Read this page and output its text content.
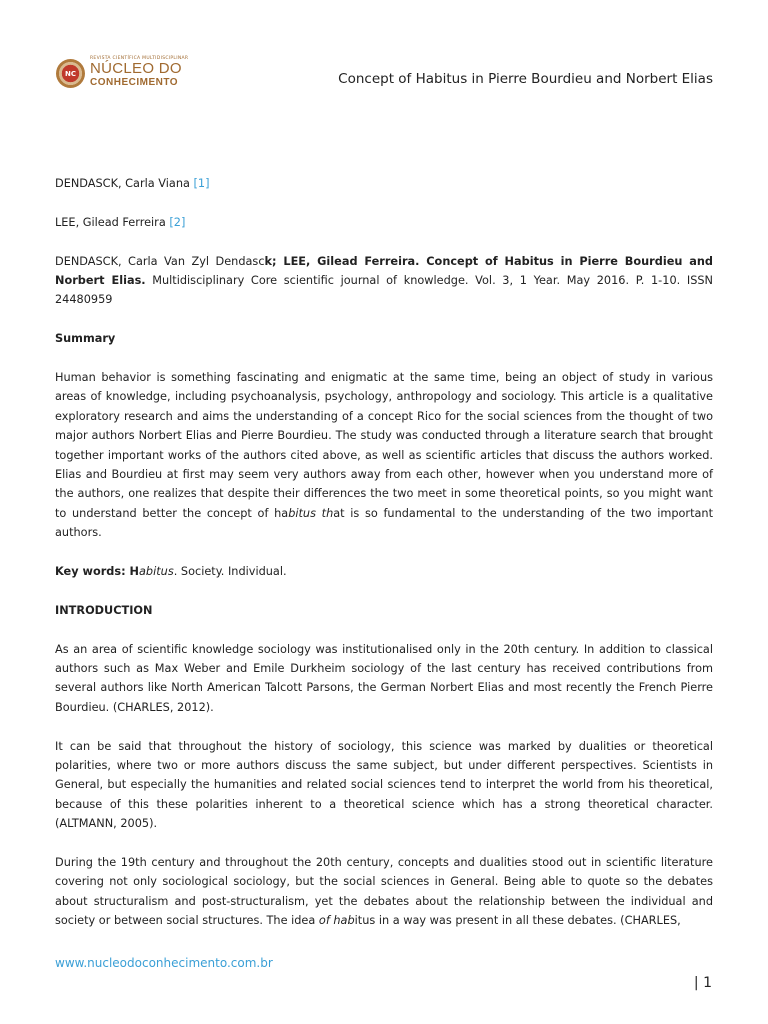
NC
REVISTA CIENTÍFICA MULTIDISCIPLINAR
NÚCLEO DO
CONHECIMENTO	Concept of Habitus in Pierre Bourdieu and Norbert Elias

DENDASCK, Carla Viana [1]

LEE, Gilead Ferreira [2]

DENDASCK, Carla Van Zyl Dendasck; LEE, Gilead Ferreira. Concept of Habitus in Pierre Bourdieu and Norbert Elias. Multidisciplinary Core scientific journal of knowledge. Vol. 3, 1 Year. May 2016. P. 1-10. ISSN 24480959

Summary

Human behavior is something fascinating and enigmatic at the same time, being an object of study in various areas of knowledge, including psychoanalysis, psychology, anthropology and sociology. This article is a qualitative exploratory research and aims the understanding of a concept Rico for the social sciences from the thought of two major authors Norbert Elias and Pierre Bourdieu. The study was conducted through a literature search that brought together important works of the authors cited above, as well as scientific articles that discuss the authors worked. Elias and Bourdieu at first may seem very authors away from each other, however when you understand more of the authors, one realizes that despite their differences the two meet in some theoretical points, so you might want to understand better the concept of habitus that is so fundamental to the understanding of the two important authors.

Key words: Habitus. Society. Individual.

INTRODUCTION

As an area of scientific knowledge sociology was institutionalised only in the 20th century. In addition to classical authors such as Max Weber and Emile Durkheim sociology of the last century has received contributions from several authors like North American Talcott Parsons, the German Norbert Elias and most recently the French Pierre Bourdieu. (CHARLES, 2012).

It can be said that throughout the history of sociology, this science was marked by dualities or theoretical polarities, where two or more authors discuss the same subject, but under different perspectives. Scientists in General, but especially the humanities and related social sciences tend to interpret the world from his theoretical, because of this these polarities inherent to a theoretical science which has a strong theoretical character. (ALTMANN, 2005).

During the 19th century and throughout the 20th century, concepts and dualities stood out in scientific literature covering not only sociological sociology, but the social sciences in General. Being able to quote so the debates about structuralism and post-structuralism, yet the debates about the relationship between the individual and society or between social structures. The idea of habitus in a way was present in all these debates. (CHARLES,

www.nucleodoconhecimento.com.br
| 1
